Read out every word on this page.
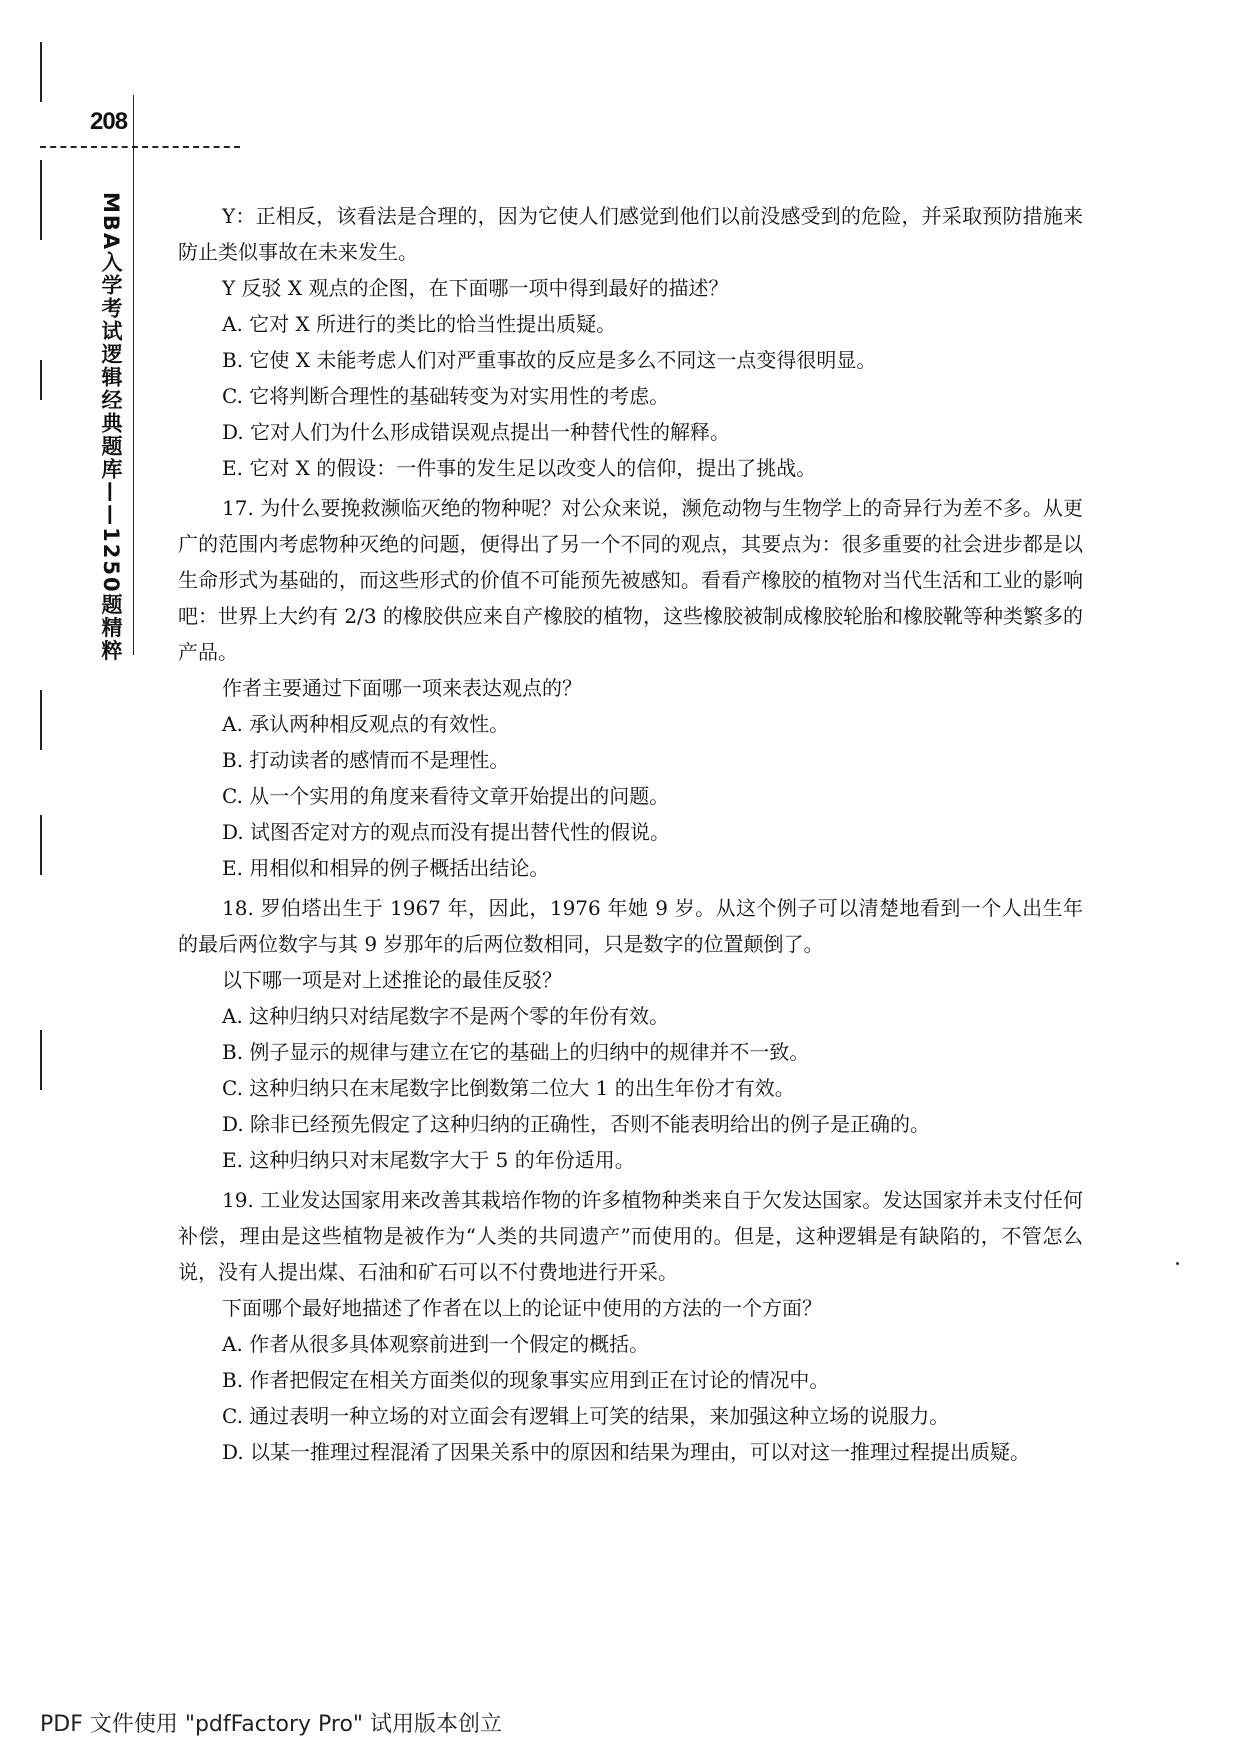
208
MBA入学考试逻辑经典题库——1250题精粹	Y：正相反，该看法是合理的，因为它使人们感觉到他们以前没感受到的危险，并采取预防措施来防止类似事故在未来发生。

Y 反驳 X 观点的企图，在下面哪一项中得到最好的描述？

A. 它对 X 所进行的类比的恰当性提出质疑。

B. 它使 X 未能考虑人们对严重事故的反应是多么不同这一点变得很明显。

C. 它将判断合理性的基础转变为对实用性的考虑。

D. 它对人们为什么形成错误观点提出一种替代性的解释。

E. 它对 X 的假设：一件事的发生足以改变人的信仰，提出了挑战。

17. 为什么要挽救濒临灭绝的物种呢？对公众来说，濒危动物与生物学上的奇异行为差不多。从更广的范围内考虑物种灭绝的问题，便得出了另一个不同的观点，其要点为：很多重要的社会进步都是以生命形式为基础的，而这些形式的价值不可能预先被感知。看看产橡胶的植物对当代生活和工业的影响吧：世界上大约有 2/3 的橡胶供应来自产橡胶的植物，这些橡胶被制成橡胶轮胎和橡胶靴等种类繁多的产品。

作者主要通过下面哪一项来表达观点的？

A. 承认两种相反观点的有效性。

B. 打动读者的感情而不是理性。

C. 从一个实用的角度来看待文章开始提出的问题。

D. 试图否定对方的观点而没有提出替代性的假说。

E. 用相似和相异的例子概括出结论。

18. 罗伯塔出生于 1967 年，因此，1976 年她 9 岁。从这个例子可以清楚地看到一个人出生年的最后两位数字与其 9 岁那年的后两位数相同，只是数字的位置颠倒了。

以下哪一项是对上述推论的最佳反驳？

A. 这种归纳只对结尾数字不是两个零的年份有效。

B. 例子显示的规律与建立在它的基础上的归纳中的规律并不一致。

C. 这种归纳只在末尾数字比倒数第二位大 1 的出生年份才有效。

D. 除非已经预先假定了这种归纳的正确性，否则不能表明给出的例子是正确的。

E. 这种归纳只对末尾数字大于 5 的年份适用。

19. 工业发达国家用来改善其栽培作物的许多植物种类来自于欠发达国家。发达国家并未支付任何补偿，理由是这些植物是被作为“人类的共同遗产”而使用的。但是，这种逻辑是有缺陷的，不管怎么说，没有人提出煤、石油和矿石可以不付费地进行开采。

下面哪个最好地描述了作者在以上的论证中使用的方法的一个方面？

A. 作者从很多具体观察前进到一个假定的概括。

B. 作者把假定在相关方面类似的现象事实应用到正在讨论的情况中。

C. 通过表明一种立场的对立面会有逻辑上可笑的结果，来加强这种立场的说服力。

D. 以某一推理过程混淆了因果关系中的原因和结果为理由，可以对这一推理过程提出质疑。

PDF 文件使用 "pdfFactory Pro" 试用版本创立
